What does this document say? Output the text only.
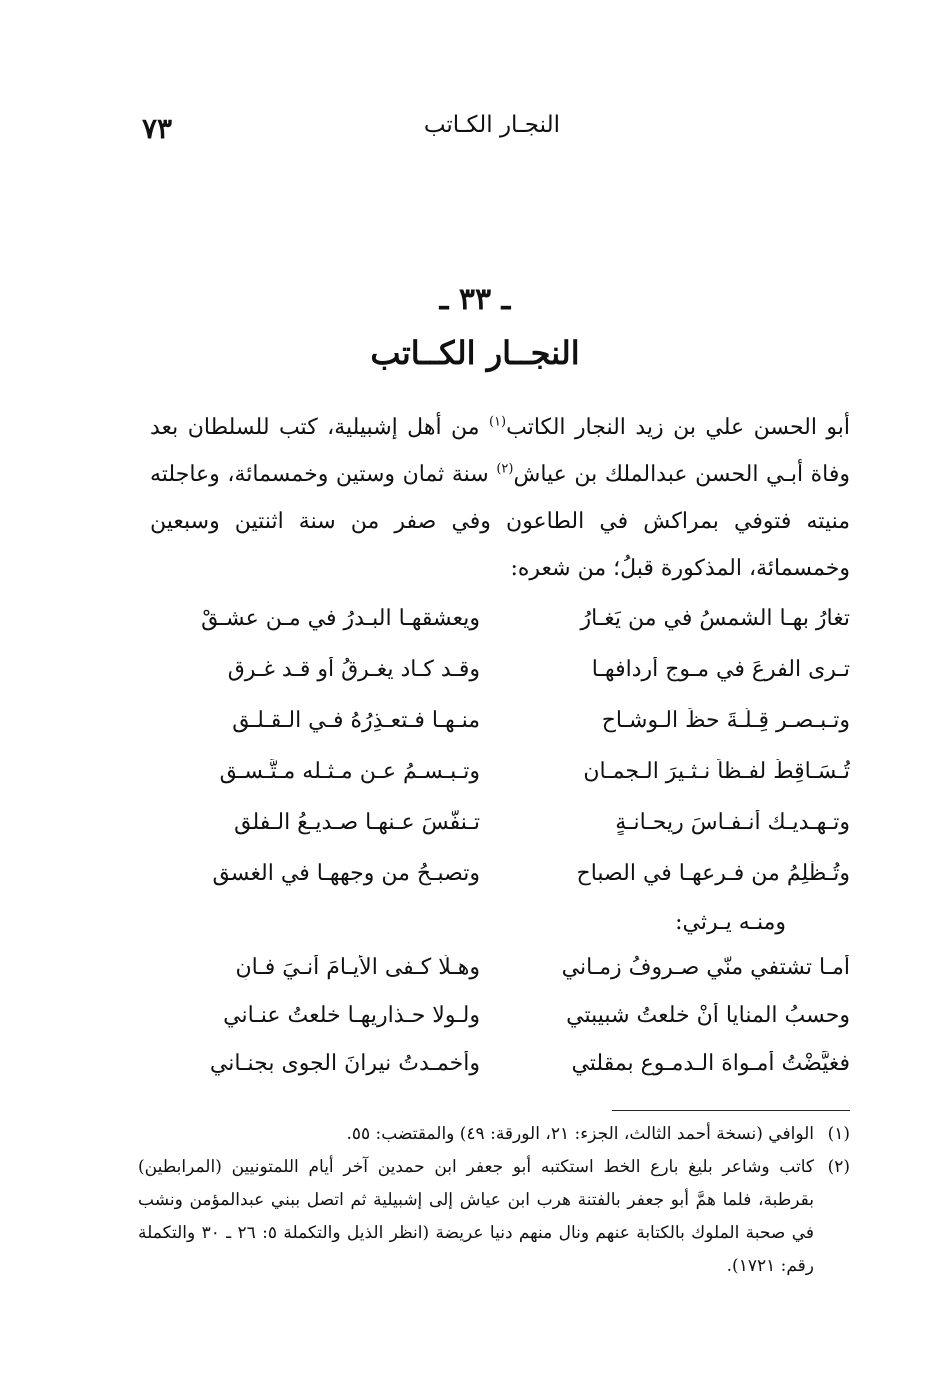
النجـار الكـاتب
٧٣
ـ ٣٣ ـ
النجــار الكــاتب

أبو الحسن علي بن زيد النجار الكاتب$^{(١)}$ من أهل إشبيلية، كتب للسلطان بعد وفاة أبـي الحسن عبدالملك بن عياش$^{(٢)}$ سنة ثمان وستين وخمسمائة، وعاجلته منيته فتوفي بمراكش في الطاعون وفي صفر من سنة اثنتين وسبعين وخمسمائة، المذكورة قبلُ؛ من شعره:

تغارُ بهـا الشمسُ في من يَغـارُ
ويعشقهـا البـدرُ في مـن عشـقْ
تـرى الفرعَ في مـوج أردافهـا
وقـد كـاد يغـرقُ أو قـد غـرق
وتـبـصـر قِـلَّـةَ حظِّ الـوشـاحِ
منـهـا فـتعـذِرُهُ فـي الـقـلـق
تُـسَـاقِطُ لفـظاً نـثـيرَ الـجمـان
وتـبـسـمُ عـن مـثـله مـتَّـسـق
وتـهـديـك أنـفـاسَ ريحـانـةٍ
تـنفَّسَ عـنهـا صـديـعُ الـفلق
وتُـظْلِمُ من فـرعهـا في الصباح
وتصبـحُ من وجههـا في الغسق
ومنـه يـرثي:
أمـا تشتفي منّي صـروفُ زمـاني
وهـلّا كـفى الأيـامَ أنـيَ فـانِ
وحسبُ المنايا أنْ خلعتُ شبيبتي
ولـولا حـذاريهـا خلعتُ عنـاني
فغيَّضْتُ أَمـواهَ الـدمـوع بمقلتي
وأخمـدتُ نيرانَ الجوى بجنـاني
(١)
الوافي (نسخة أحمد الثالث، الجزء: ٢١، الورقة: ٤٩) والمقتضب: ٥٥.
(٢)
كاتب وشاعر بليغ بارع الخط استكتبه أبو جعفر ابن حمدين آخر أيام اللمتونيين (المرابطين) بقرطبة، فلما همَّ أبو جعفر بالفتنة هرب ابن عياش إلى إشبيلية ثم اتصل ببني عبدالمؤمن ونشب في صحبة الملوك بالكتابة عنهم ونال منهم دنيا عريضة (انظر الذيل والتكملة ٥: ٢٦ ـ ٣٠ والتكملة رقم: ١٧٢١).
